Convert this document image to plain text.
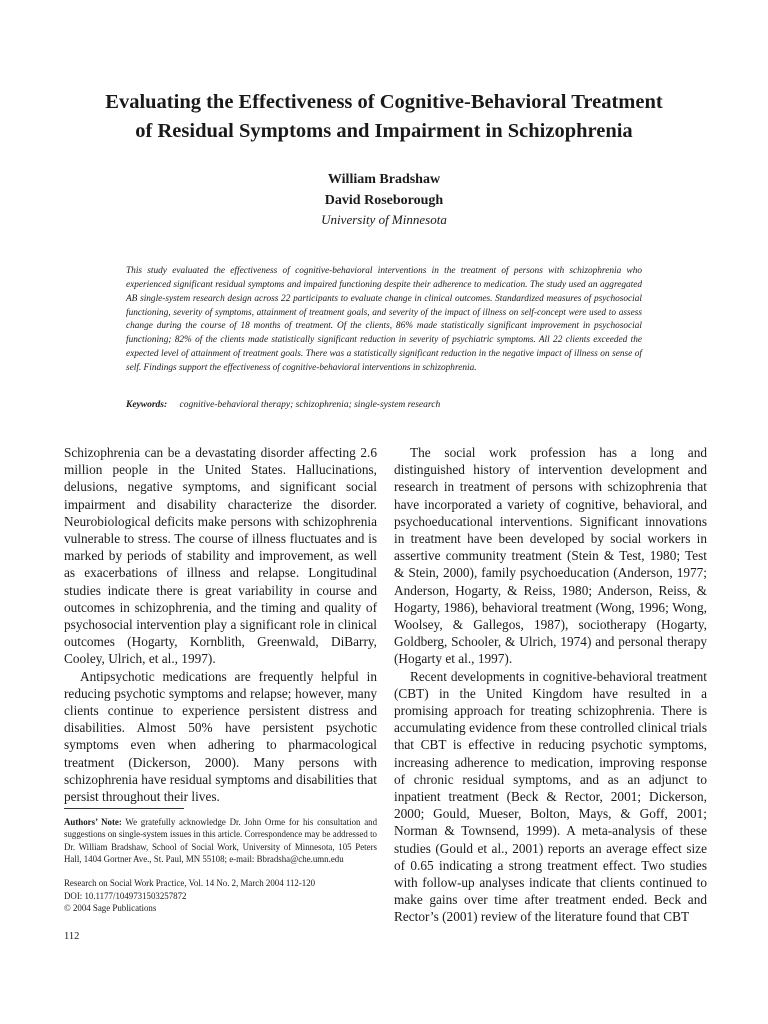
Evaluating the Effectiveness of Cognitive-Behavioral Treatment
of Residual Symptoms and Impairment in Schizophrenia
William Bradshaw
David Roseborough
University of Minnesota
This study evaluated the effectiveness of cognitive-behavioral interventions in the treatment of persons with schizophrenia who experienced significant residual symptoms and impaired functioning despite their adherence to medication. The study used an aggregated AB single-system research design across 22 participants to evaluate change in clinical outcomes. Standardized measures of psychosocial functioning, severity of symptoms, attainment of treatment goals, and severity of the impact of illness on self-concept were used to assess change during the course of 18 months of treatment. Of the clients, 86% made statistically significant improvement in psychosocial functioning; 82% of the clients made statistically significant reduction in severity of psychiatric symptoms. All 22 clients exceeded the expected level of attainment of treatment goals. There was a statistically significant reduction in the negative impact of illness on sense of self. Findings support the effectiveness of cognitive-behavioral interventions in schizophrenia.
Keywords: cognitive-behavioral therapy; schizophrenia; single-system research

Schizophrenia can be a devastating disorder affecting 2.6 million people in the United States. Hallucinations, delusions, negative symptoms, and significant social impairment and disability characterize the disorder. Neurobiological deficits make persons with schizophrenia vulnerable to stress. The course of illness fluctuates and is marked by periods of stability and improvement, as well as exacerbations of illness and relapse. Longitudinal studies indicate there is great variability in course and outcomes in schizophrenia, and the timing and quality of psychosocial intervention play a significant role in clinical outcomes (Hogarty, Kornblith, Greenwald, DiBarry, Cooley, Ulrich, et al., 1997).

Antipsychotic medications are frequently helpful in reducing psychotic symptoms and relapse; however, many clients continue to experience persistent distress and disabilities. Almost 50% have persistent psychotic symptoms even when adhering to pharmacological treatment (Dickerson, 2000). Many persons with schizophrenia have residual symptoms and disabilities that persist throughout their lives.

The social work profession has a long and distinguished history of intervention development and research in treatment of persons with schizophrenia that have incorporated a variety of cognitive, behavioral, and psychoeducational interventions. Significant innovations in treatment have been developed by social workers in assertive community treatment (Stein & Test, 1980; Test & Stein, 2000), family psychoeducation (Anderson, 1977; Anderson, Hogarty, & Reiss, 1980; Anderson, Reiss, & Hogarty, 1986), behavioral treatment (Wong, 1996; Wong, Woolsey, & Gallegos, 1987), sociotherapy (Hogarty, Goldberg, Schooler, & Ulrich, 1974) and personal therapy (Hogarty et al., 1997).

Recent developments in cognitive-behavioral treatment (CBT) in the United Kingdom have resulted in a promising approach for treating schizophrenia. There is accumulating evidence from these controlled clinical trials that CBT is effective in reducing psychotic symptoms, increasing adherence to medication, improving response of chronic residual symptoms, and as an adjunct to inpatient treatment (Beck & Rector, 2001; Dickerson, 2000; Gould, Mueser, Bolton, Mays, & Goff, 2001; Norman & Townsend, 1999). A meta-analysis of these studies (Gould et al., 2001) reports an average effect size of 0.65 indicating a strong treatment effect. Two studies with follow-up analyses indicate that clients continued to make gains over time after treatment ended. Beck and Rector’s (2001) review of the literature found that CBT

Authors’ Note: We gratefully acknowledge Dr. John Orme for his consultation and suggestions on single-system issues in this article. Correspondence may be addressed to Dr. William Bradshaw, School of Social Work, University of Minnesota, 105 Peters Hall, 1404 Gortner Ave., St. Paul, MN 55108; e-mail: Bbradsha@che.umn.edu
Research on Social Work Practice, Vol. 14 No. 2, March 2004 112-120
DOI: 10.1177/1049731503257872
© 2004 Sage Publications
112
